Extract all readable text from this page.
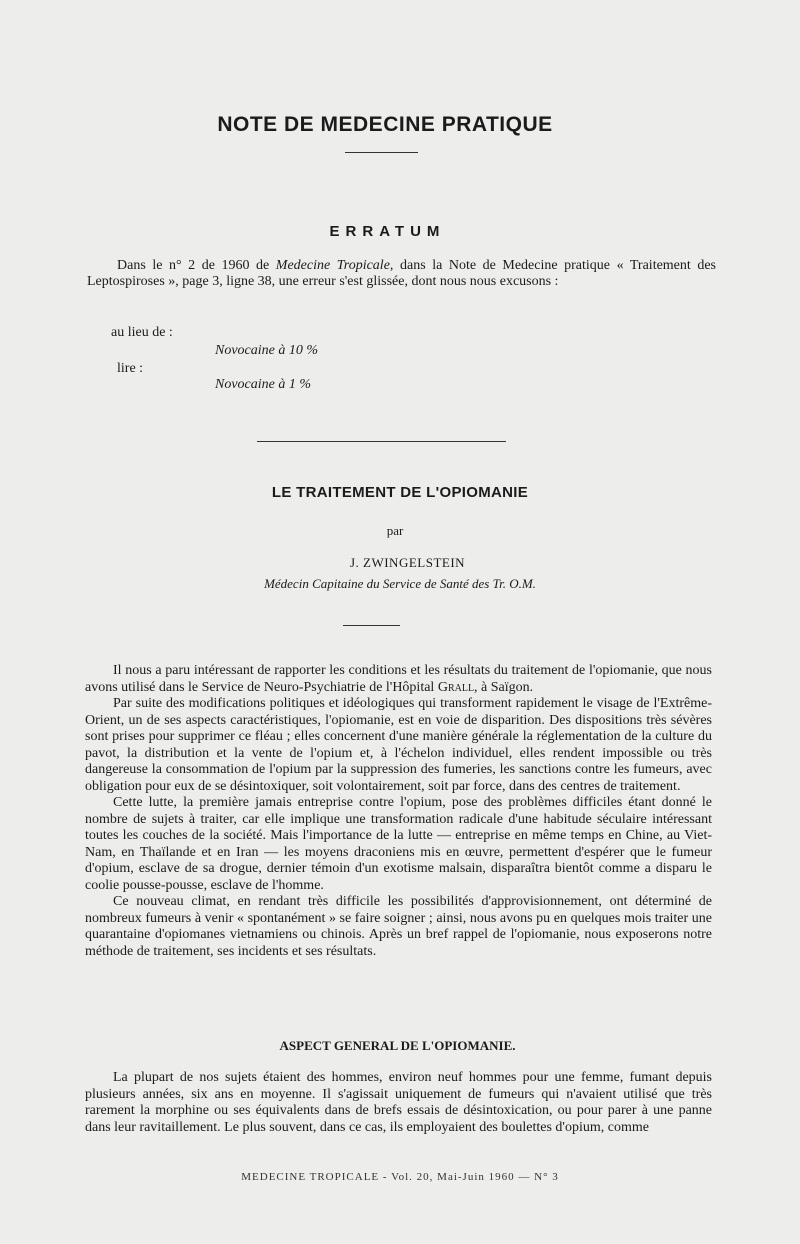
NOTE DE MEDECINE PRATIQUE
ERRATUM
Dans le n° 2 de 1960 de Medecine Tropicale, dans la Note de Medecine pratique « Traitement des Leptospiroses », page 3, ligne 38, une erreur s'est glissée, dont nous nous excusons :
au lieu de :
Novocaine à 10 %
lire :
Novocaine à 1 %
LE TRAITEMENT DE L'OPIOMANIE
par
J. ZWINGELSTEIN
Médecin Capitaine du Service de Santé des Tr. O.M.

Il nous a paru intéressant de rapporter les conditions et les résultats du traitement de l'opiomanie, que nous avons utilisé dans le Service de Neuro-Psychiatrie de l'Hôpital Grall, à Saïgon.

Par suite des modifications politiques et idéologiques qui transforment rapidement le visage de l'Extrême-Orient, un de ses aspects caractéristiques, l'opiomanie, est en voie de disparition. Des dispositions très sévères sont prises pour supprimer ce fléau ; elles concernent d'une manière générale la réglementation de la culture du pavot, la distribution et la vente de l'opium et, à l'échelon individuel, elles rendent impossible ou très dangereuse la consommation de l'opium par la suppression des fumeries, les sanctions contre les fumeurs, avec obligation pour eux de se désintoxiquer, soit volontairement, soit par force, dans des centres de traitement.

Cette lutte, la première jamais entreprise contre l'opium, pose des problèmes difficiles étant donné le nombre de sujets à traiter, car elle implique une transformation radicale d'une habitude séculaire intéressant toutes les couches de la société. Mais l'importance de la lutte — entreprise en même temps en Chine, au Viet-Nam, en Thaïlande et en Iran — les moyens draconiens mis en œuvre, permettent d'espérer que le fumeur d'opium, esclave de sa drogue, dernier témoin d'un exotisme malsain, disparaîtra bientôt comme a disparu le coolie pousse-pousse, esclave de l'homme.

Ce nouveau climat, en rendant très difficile les possibilités d'approvisionnement, ont déterminé de nombreux fumeurs à venir « spontanément » se faire soigner ; ainsi, nous avons pu en quelques mois traiter une quarantaine d'opiomanes vietnamiens ou chinois. Après un bref rappel de l'opiomanie, nous exposerons notre méthode de traitement, ses incidents et ses résultats.

ASPECT GENERAL DE L'OPIOMANIE.

La plupart de nos sujets étaient des hommes, environ neuf hommes pour une femme, fumant depuis plusieurs années, six ans en moyenne. Il s'agissait uniquement de fumeurs qui n'avaient utilisé que très rarement la morphine ou ses équivalents dans de brefs essais de désintoxication, ou pour parer à une panne dans leur ravitaillement. Le plus souvent, dans ce cas, ils employaient des boulettes d'opium, comme

MEDECINE TROPICALE - Vol. 20, Mai-Juin 1960 — N° 3
